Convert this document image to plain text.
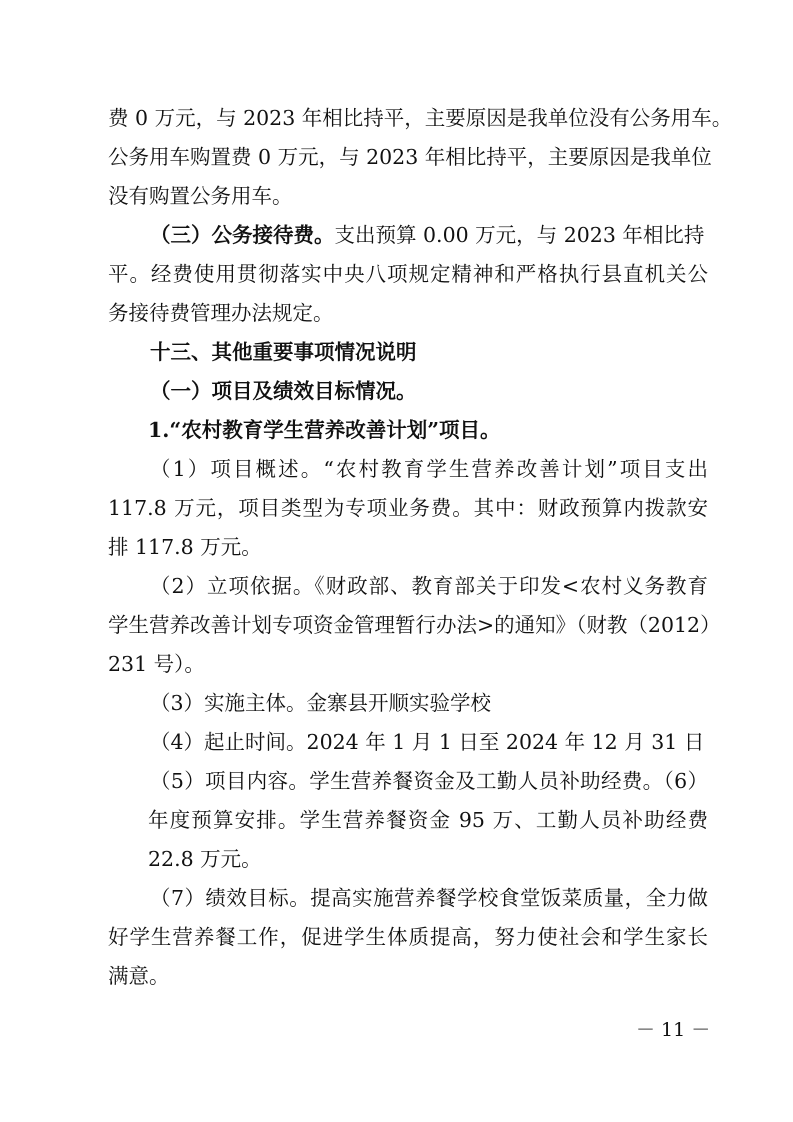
费 0 万元，与 2023 年相比持平，主要原因是我单位没有公务用车。
公务用车购置费 0 万元，与 2023 年相比持平，主要原因是我单位
没有购置公务用车。
（三）公务接待费。支出预算 0.00 万元，与 2023 年相比持
平。经费使用贯彻落实中央八项规定精神和严格执行县直机关公
务接待费管理办法规定。
十三、其他重要事项情况说明
（一）项目及绩效目标情况。
1.“农村教育学生营养改善计划”项目。
（1）项目概述。“农村教育学生营养改善计划”项目支出
117.8 万元，项目类型为专项业务费。其中：财政预算内拨款安
排 117.8 万元。
（2）立项依据。《财政部、教育部关于印发<农村义务教育
学生营养改善计划专项资金管理暂行办法>的通知》（财教（2012）
231 号）。
（3）实施主体。金寨县开顺实验学校
（4）起止时间。2024 年 1 月 1 日至 2024 年 12 月 31 日
（5）项目内容。学生营养餐资金及工勤人员补助经费。（6）
年度预算安排。学生营养餐资金 95 万、工勤人员补助经费
22.8 万元。
（7）绩效目标。提高实施营养餐学校食堂饭菜质量，全力做
好学生营养餐工作，促进学生体质提高，努力使社会和学生家长
满意。
－ 11 －
